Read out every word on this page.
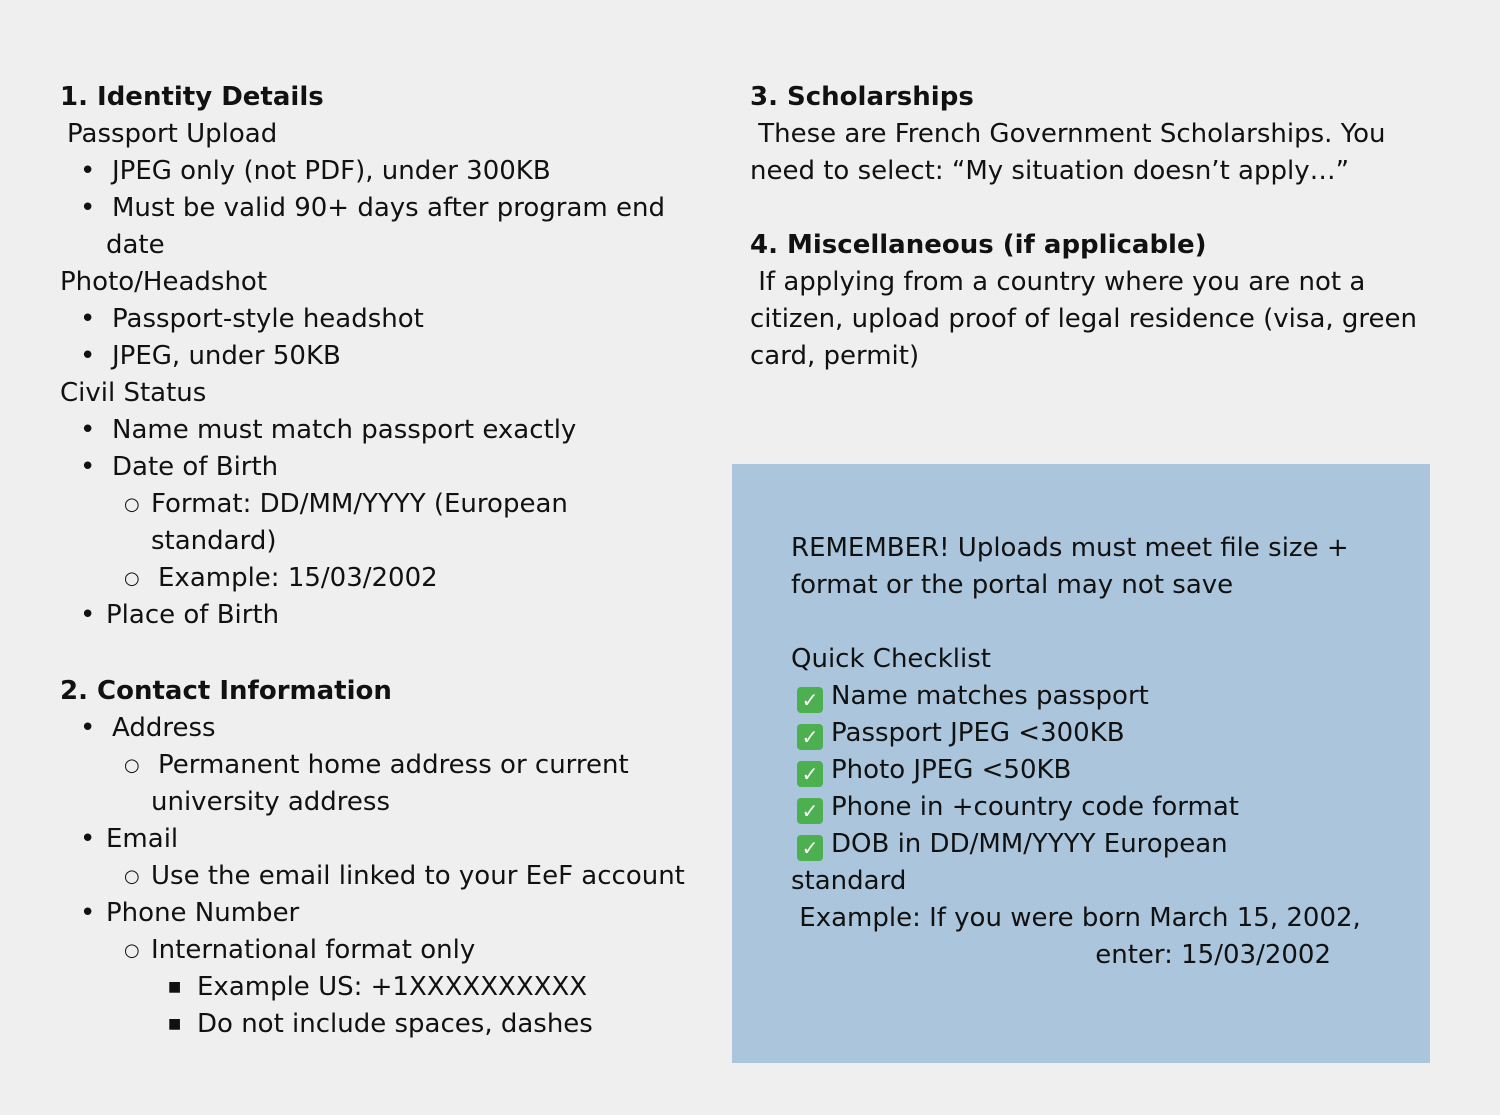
1. Identity Details
Passport Upload
• JPEG only (not PDF), under 300KB
• Must be valid 90+ days after program end
date
Photo/Headshot
• Passport-style headshot
• JPEG, under 50KB
Civil Status
• Name must match passport exactly
• Date of Birth
○ Format: DD/MM/YYYY (European
standard)
○ Example: 15/03/2002
• Place of Birth
2. Contact Information
• Address
○ Permanent home address or current
university address
• Email
○ Use the email linked to your EeF account
• Phone Number
○ International format only
■ Example US: +1XXXXXXXXXX
■ Do not include spaces, dashes
3. Scholarships
These are French Government Scholarships. You
need to select: “My situation doesn’t apply…”
4. Miscellaneous (if applicable)
If applying from a country where you are not a
citizen, upload proof of legal residence (visa, green
card, permit)
REMEMBER! Uploads must meet file size +
format or the portal may not save
Quick Checklist
✓ Name matches passport
✓ Passport JPEG <300KB
✓ Photo JPEG <50KB
✓ Phone in +country code format
✓ DOB in DD/MM/YYYY European
standard
Example: If you were born March 15, 2002,
enter: 15/03/2002
